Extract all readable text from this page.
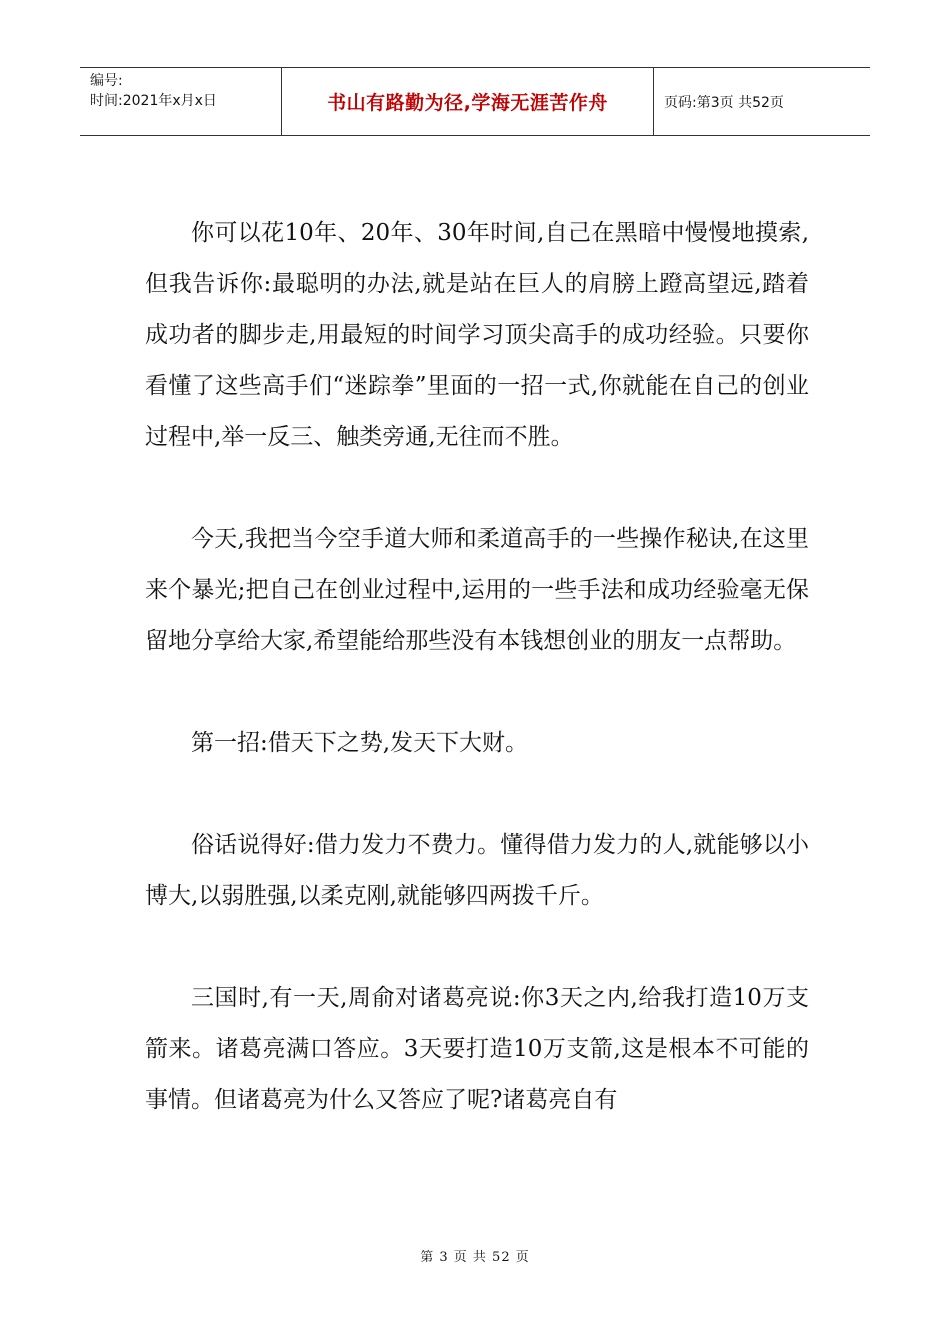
编号:
时间:2021年x月x日	书山有路勤为径,学海无涯苦作舟	页码:第3页 共52页

你可以花10年、20年、30年时间,自己在黑暗中慢慢地摸索,但我告诉你:最聪明的办法,就是站在巨人的肩膀上蹬高望远,踏着成功者的脚步走,用最短的时间学习顶尖高手的成功经验。只要你看懂了这些高手们“迷踪拳”里面的一招一式,你就能在自己的创业过程中,举一反三、触类旁通,无往而不胜。

今天,我把当今空手道大师和柔道高手的一些操作秘诀,在这里来个暴光;把自己在创业过程中,运用的一些手法和成功经验毫无保留地分享给大家,希望能给那些没有本钱想创业的朋友一点帮助。

第一招:借天下之势,发天下大财。

俗话说得好:借力发力不费力。懂得借力发力的人,就能够以小博大,以弱胜强,以柔克刚,就能够四两拨千斤。

三国时,有一天,周俞对诸葛亮说:你3天之内,给我打造10万支箭来。诸葛亮满口答应。3天要打造10万支箭,这是根本不可能的事情。但诸葛亮为什么又答应了呢?诸葛亮自有

第 3 页 共 52 页
